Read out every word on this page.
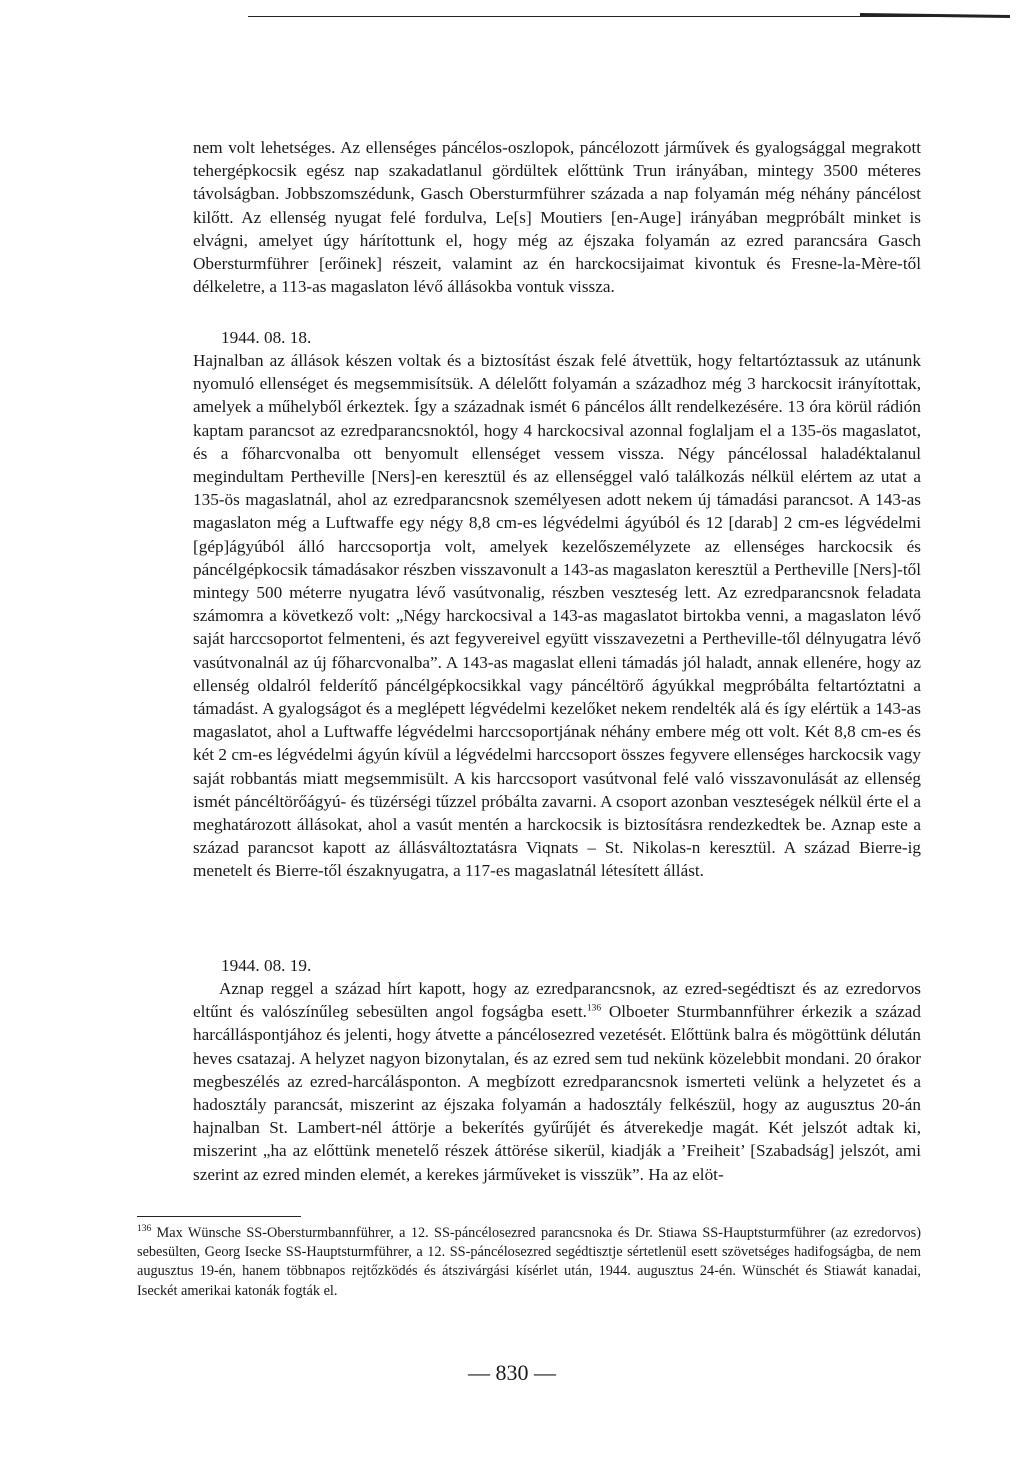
nem volt lehetséges. Az ellenséges páncélos-oszlopok, páncélozott járművek és gyalogsággal megrakott tehergépkocsik egész nap szakadatlanul gördültek előttünk Trun irányában, mintegy 3500 méteres távolságban. Jobbszomszédunk, Gasch Obersturmführer százada a nap folyamán még néhány páncélost kilőtt. Az ellenség nyugat felé fordulva, Le[s] Moutiers [en-Auge] irányában megpróbált minket is elvágni, amelyet úgy hárítottunk el, hogy még az éjszaka folyamán az ezred parancsára Gasch Obersturmführer [erőinek] részeit, valamint az én harckocsijaimat kivontuk és Fresne-la-Mère-től délkeletre, a 113-as magaslaton lévő állásokba vontuk vissza.

1944. 08. 18.

Hajnalban az állások készen voltak és a biztosítást észak felé átvettük, hogy feltartóztassuk az utánunk nyomuló ellenséget és megsemmisítsük. A délelőtt folyamán a századhoz még 3 harckocsit irányítottak, amelyek a műhelyből érkeztek. Így a századnak ismét 6 páncélos állt rendelkezésére. 13 óra körül rádión kaptam parancsot az ezredparancsnoktól, hogy 4 harckocsival azonnal foglaljam el a 135-ös magaslatot, és a főharcvonalba ott benyomult ellenséget vessem vissza. Négy páncélossal haladéktalanul megindultam Pertheville [Ners]-en keresztül és az ellenséggel való találkozás nélkül elértem az utat a 135-ös magaslatnál, ahol az ezredparancsnok személyesen adott nekem új támadási parancsot. A 143-as magaslaton még a Luftwaffe egy négy 8,8 cm-es légvédelmi ágyúból és 12 [darab] 2 cm-es légvédelmi [gép]ágyúból álló harccsoportja volt, amelyek kezelőszemélyzete az ellenséges harckocsik és páncélgépkocsik támadásakor részben visszavonult a 143-as magaslaton keresztül a Pertheville [Ners]-től mintegy 500 méterre nyugatra lévő vasútvonalig, részben veszteség lett. Az ezredparancsnok feladata számomra a következő volt: „Négy harckocsival a 143-as magaslatot birtokba venni, a magaslaton lévő saját harccsoportot felmenteni, és azt fegyvereivel együtt visszavezetni a Pertheville-től délnyugatra lévő vasútvonalnál az új főharcvonalba”. A 143-as magaslat elleni támadás jól haladt, annak ellenére, hogy az ellenség oldalról felderítő páncélgépkocsikkal vagy páncéltörő ágyúkkal megpróbálta feltartóztatni a támadást. A gyalogságot és a meglépett légvédelmi kezelőket nekem rendelték alá és így elértük a 143-as magaslatot, ahol a Luftwaffe légvédelmi harccsoportjának néhány embere még ott volt. Két 8,8 cm-es és két 2 cm-es légvédelmi ágyún kívül a légvédelmi harccsoport összes fegyvere ellenséges harckocsik vagy saját robbantás miatt megsemmisült. A kis harccsoport vasútvonal felé való visszavonulását az ellenség ismét páncéltörőágyú- és tüzérségi tűzzel próbálta zavarni. A csoport azonban veszteségek nélkül érte el a meghatározott állásokat, ahol a vasút mentén a harckocsik is biztosításra rendezkedtek be. Aznap este a század parancsot kapott az állásváltoztatásra Viqnats – St. Nikolas-n keresztül. A század Bierre-ig menetelt és Bierre-től északnyugatra, a 117-es magaslatnál létesített állást.

1944. 08. 19.

Aznap reggel a század hírt kapott, hogy az ezredparancsnok, az ezred-segédtiszt és az ezredorvos eltűnt és valószínűleg sebesülten angol fogságba esett.$^{136}$ Olboeter Sturmbannführer érkezik a század harcálláspontjához és jelenti, hogy átvette a páncélosezred vezetését. Előttünk balra és mögöttünk délután heves csatazaj. A helyzet nagyon bizonytalan, és az ezred sem tud nekünk közelebbit mondani. 20 órakor megbeszélés az ezred-harcálásponton. A megbízott ezredparancsnok ismerteti velünk a helyzetet és a hadosztály parancsát, miszerint az éjszaka folyamán a hadosztály felkészül, hogy az augusztus 20-án hajnalban St. Lambert-nél áttörje a bekerítés gyűrűjét és átverekedje magát. Két jelszót adtak ki, miszerint „ha az előttünk menetelő részek áttörése sikerül, kiadják a ’Freiheit’ [Szabadság] jelszót, ami szerint az ezred minden elemét, a kerekes járműveket is visszük”. Ha az elöt-

$^{136}$ Max Wünsche SS-Obersturmbannführer, a 12. SS-páncélosezred parancsnoka és Dr. Stiawa SS-Hauptsturmführer (az ezredorvos) sebesülten, Georg Isecke SS-Hauptsturmführer, a 12. SS-páncélosezred segédtisztje sértetlenül esett szövetséges hadifogságba, de nem augusztus 19-én, hanem többnapos rejtőzködés és átszivárgási kísérlet után, 1944. augusztus 24-én. Wünschét és Stiawát kanadai, Iseckét amerikai katonák fogták el.
— 830 —
